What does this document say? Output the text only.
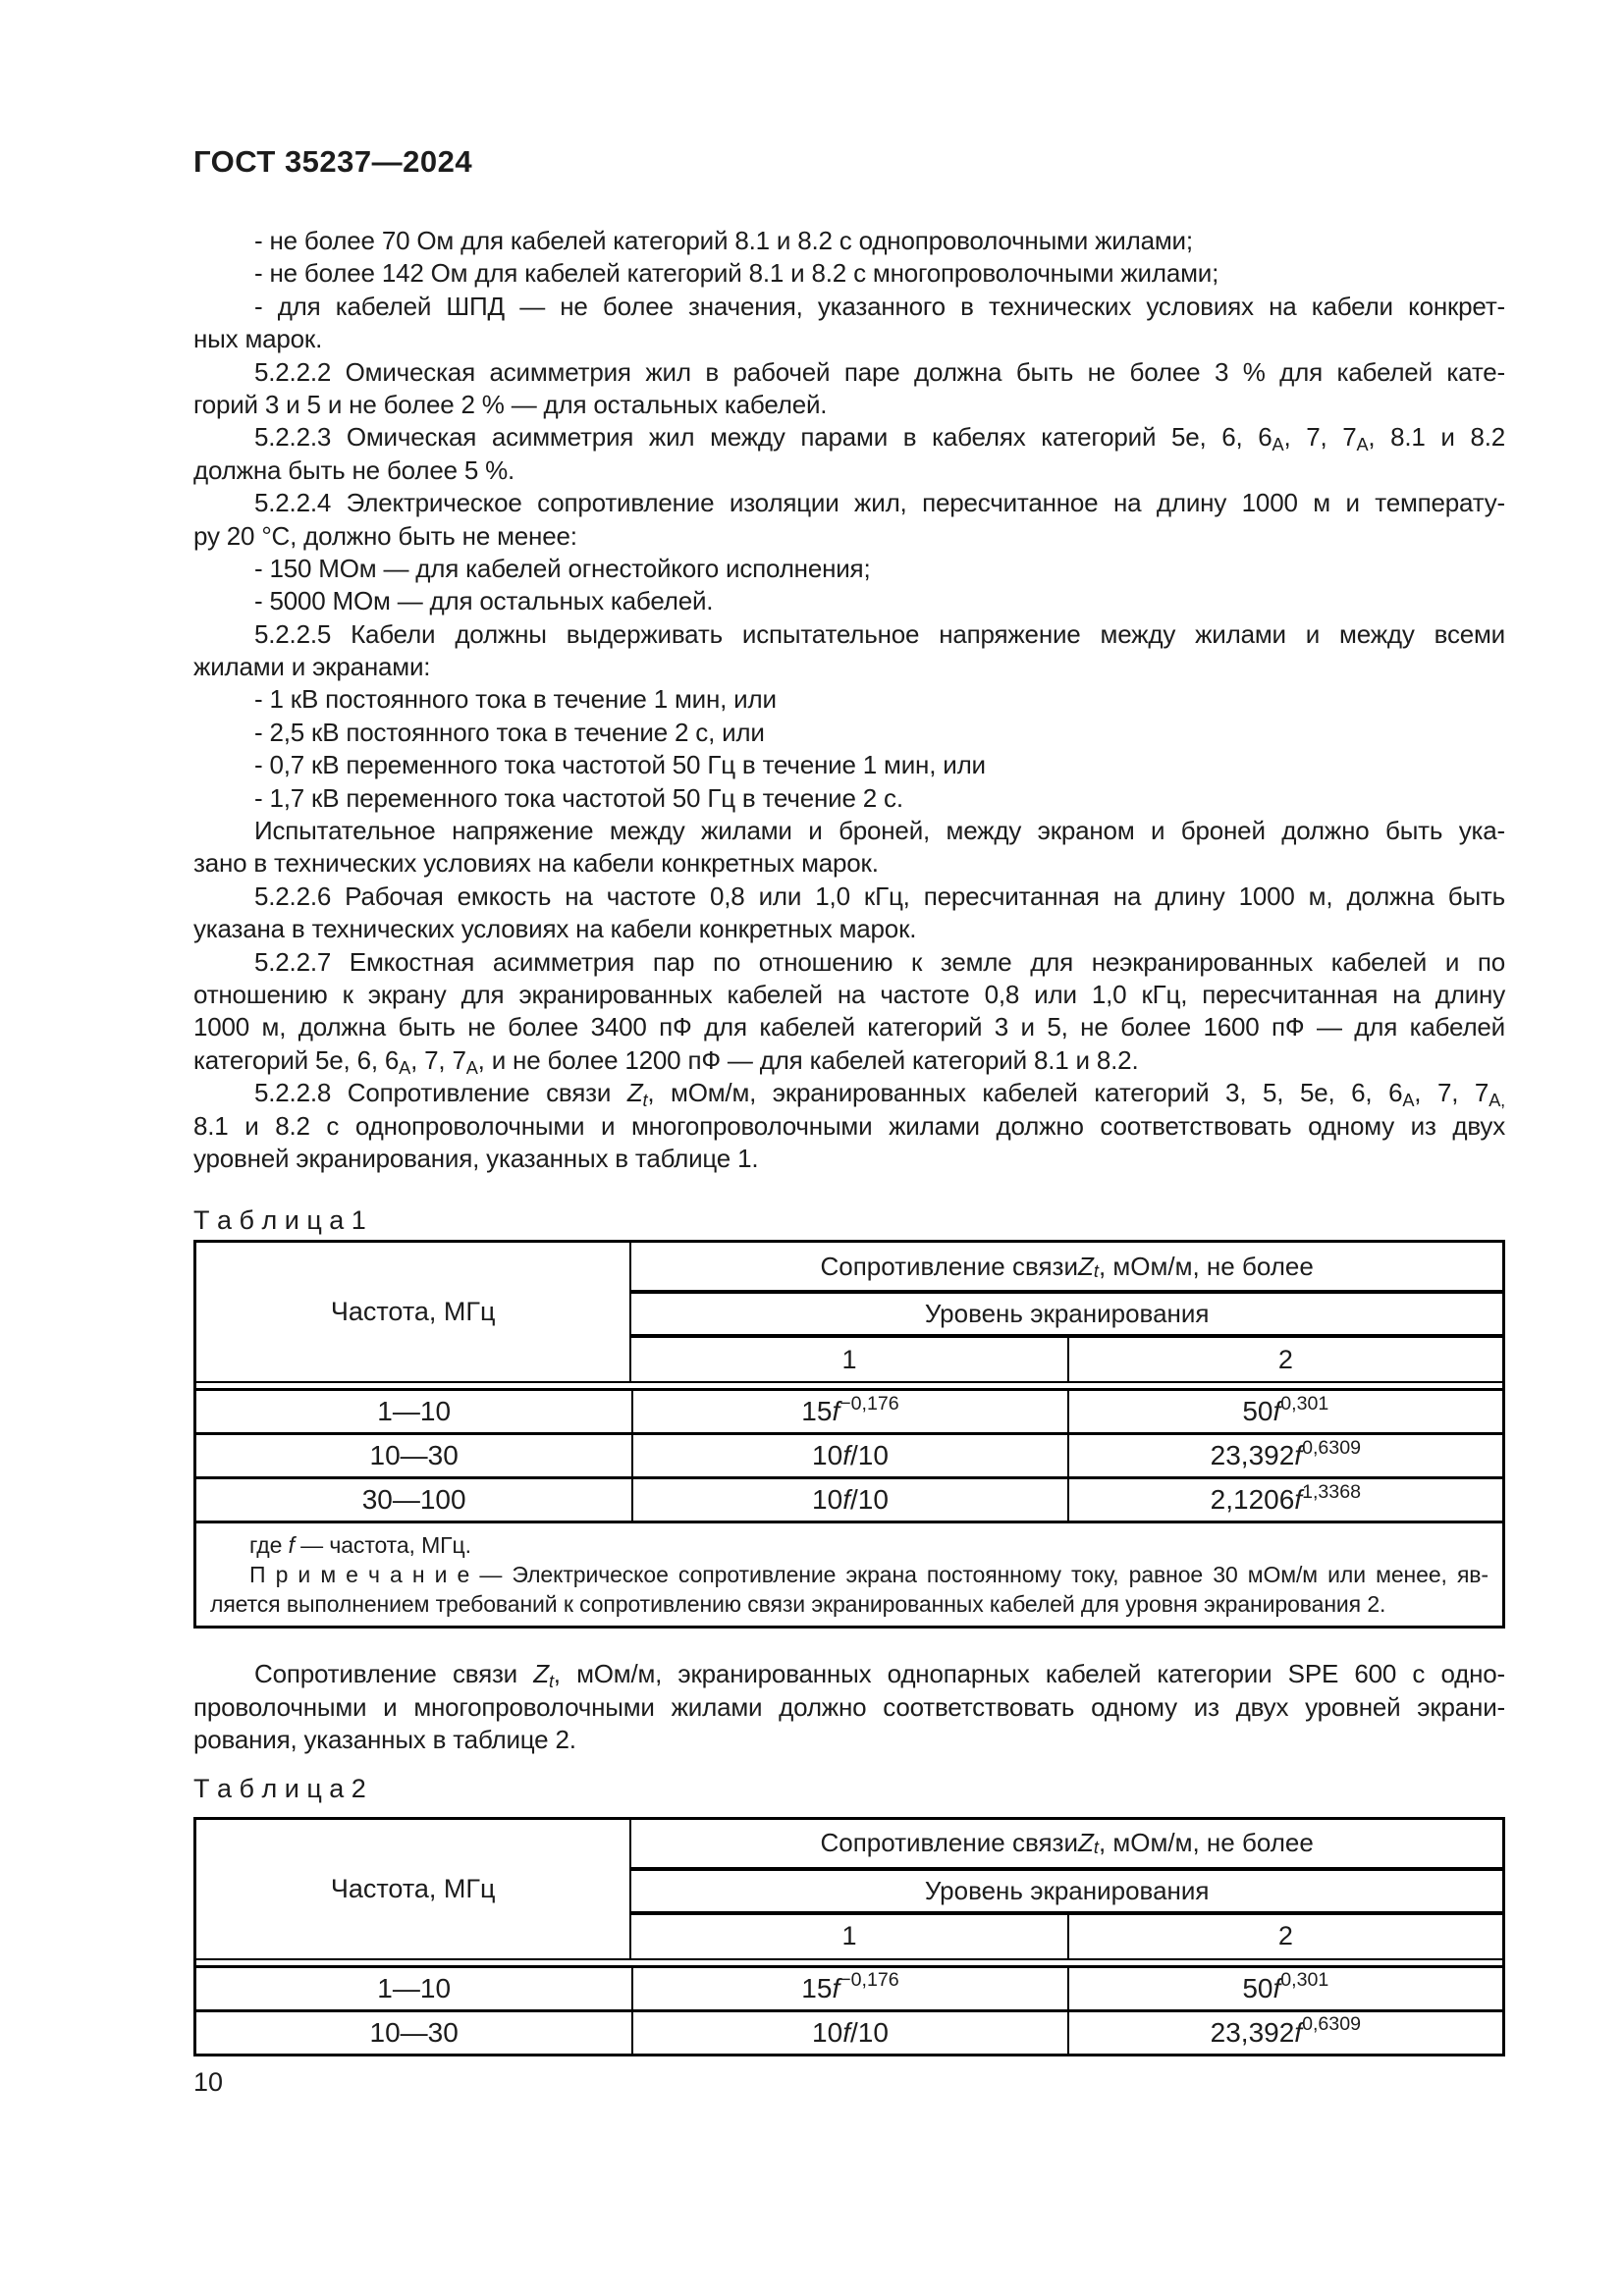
ГОСТ 35237—2024
- не более 70 Ом для кабелей категорий 8.1 и 8.2 с однопроволочными жилами;
- не более 142 Ом для кабелей категорий 8.1 и 8.2 с многопроволочными жилами;
- для кабелей ШПД — не более значения, указанного в технических условиях на кабели конкрет-
ных марок.
5.2.2.2 Омическая асимметрия жил в рабочей паре должна быть не более 3 % для кабелей кате-
горий 3 и 5 и не более 2 % — для остальных кабелей.
5.2.2.3 Омическая асимметрия жил между парами в кабелях категорий 5е, 6, $6_А$, 7, $7_А$, 8.1 и 8.2
должна быть не более 5 %.
5.2.2.4 Электрическое сопротивление изоляции жил, пересчитанное на длину 1000 м и температу-
ру 20 °С, должно быть не менее:
- 150 МОм — для кабелей огнестойкого исполнения;
- 5000 МОм — для остальных кабелей.
5.2.2.5 Кабели должны выдерживать испытательное напряжение между жилами и между всеми
жилами и экранами:
- 1 кВ постоянного тока в течение 1 мин, или
- 2,5 кВ постоянного тока в течение 2 с, или
- 0,7 кВ переменного тока частотой 50 Гц в течение 1 мин, или
- 1,7 кВ переменного тока частотой 50 Гц в течение 2 с.
Испытательное напряжение между жилами и броней, между экраном и броней должно быть ука-
зано в технических условиях на кабели конкретных марок.
5.2.2.6 Рабочая емкость на частоте 0,8 или 1,0 кГц, пересчитанная на длину 1000 м, должна быть
указана в технических условиях на кабели конкретных марок.
5.2.2.7 Емкостная асимметрия пар по отношению к земле для неэкранированных кабелей и по
отношению к экрану для экранированных кабелей на частоте 0,8 или 1,0 кГц, пересчитанная на длину
1000 м, должна быть не более 3400 пФ для кабелей категорий 3 и 5, не более 1600 пФ — для кабелей
категорий 5е, 6, $6_А$, 7, $7_А$, и не более 1200 пФ — для кабелей категорий 8.1 и 8.2.
5.2.2.8 Сопротивление связи $Z_t$, мОм/м, экранированных кабелей категорий 3, 5, 5е, 6, $6_А$, 7, $7_{А,}$
8.1 и 8.2 с однопроволочными и многопроволочными жилами должно соответствовать одному из двух
уровней экранирования, указанных в таблице 1.
Т а б л и ц а 1
Частота, МГц
Сопротивление связи Z $_t$ , мОм/м, не более
Уровень экранирования
1	2
1—10	15 $f^{-0,176}$	50 $f^{0,301}$
10—30	10 f /10	23,392 $f^{0,6309}$
30—100	10 f /10	2,1206 $f^{1,3368}$
где f — частота, МГц.
П р и м е ч а н и е — Электрическое сопротивление экрана постоянному току, равное 30 мОм/м или менее, яв-
ляется выполнением требований к сопротивлению связи экранированных кабелей для уровня экранирования 2.
Сопротивление связи $Z_t$, мОм/м, экранированных однопарных кабелей категории SPE 600 с одно-
проволочными и многопроволочными жилами должно соответствовать одному из двух уровней экрани-
рования, указанных в таблице 2.
Т а б л и ц а 2
Частота, МГц
Сопротивление связи Z $_t$ , мОм/м, не более
Уровень экранирования
1	2
1—10	15 $f^{-0,176}$	50 $f^{0,301}$
10—30	10 f /10	23,392 $f^{0,6309}$
10
